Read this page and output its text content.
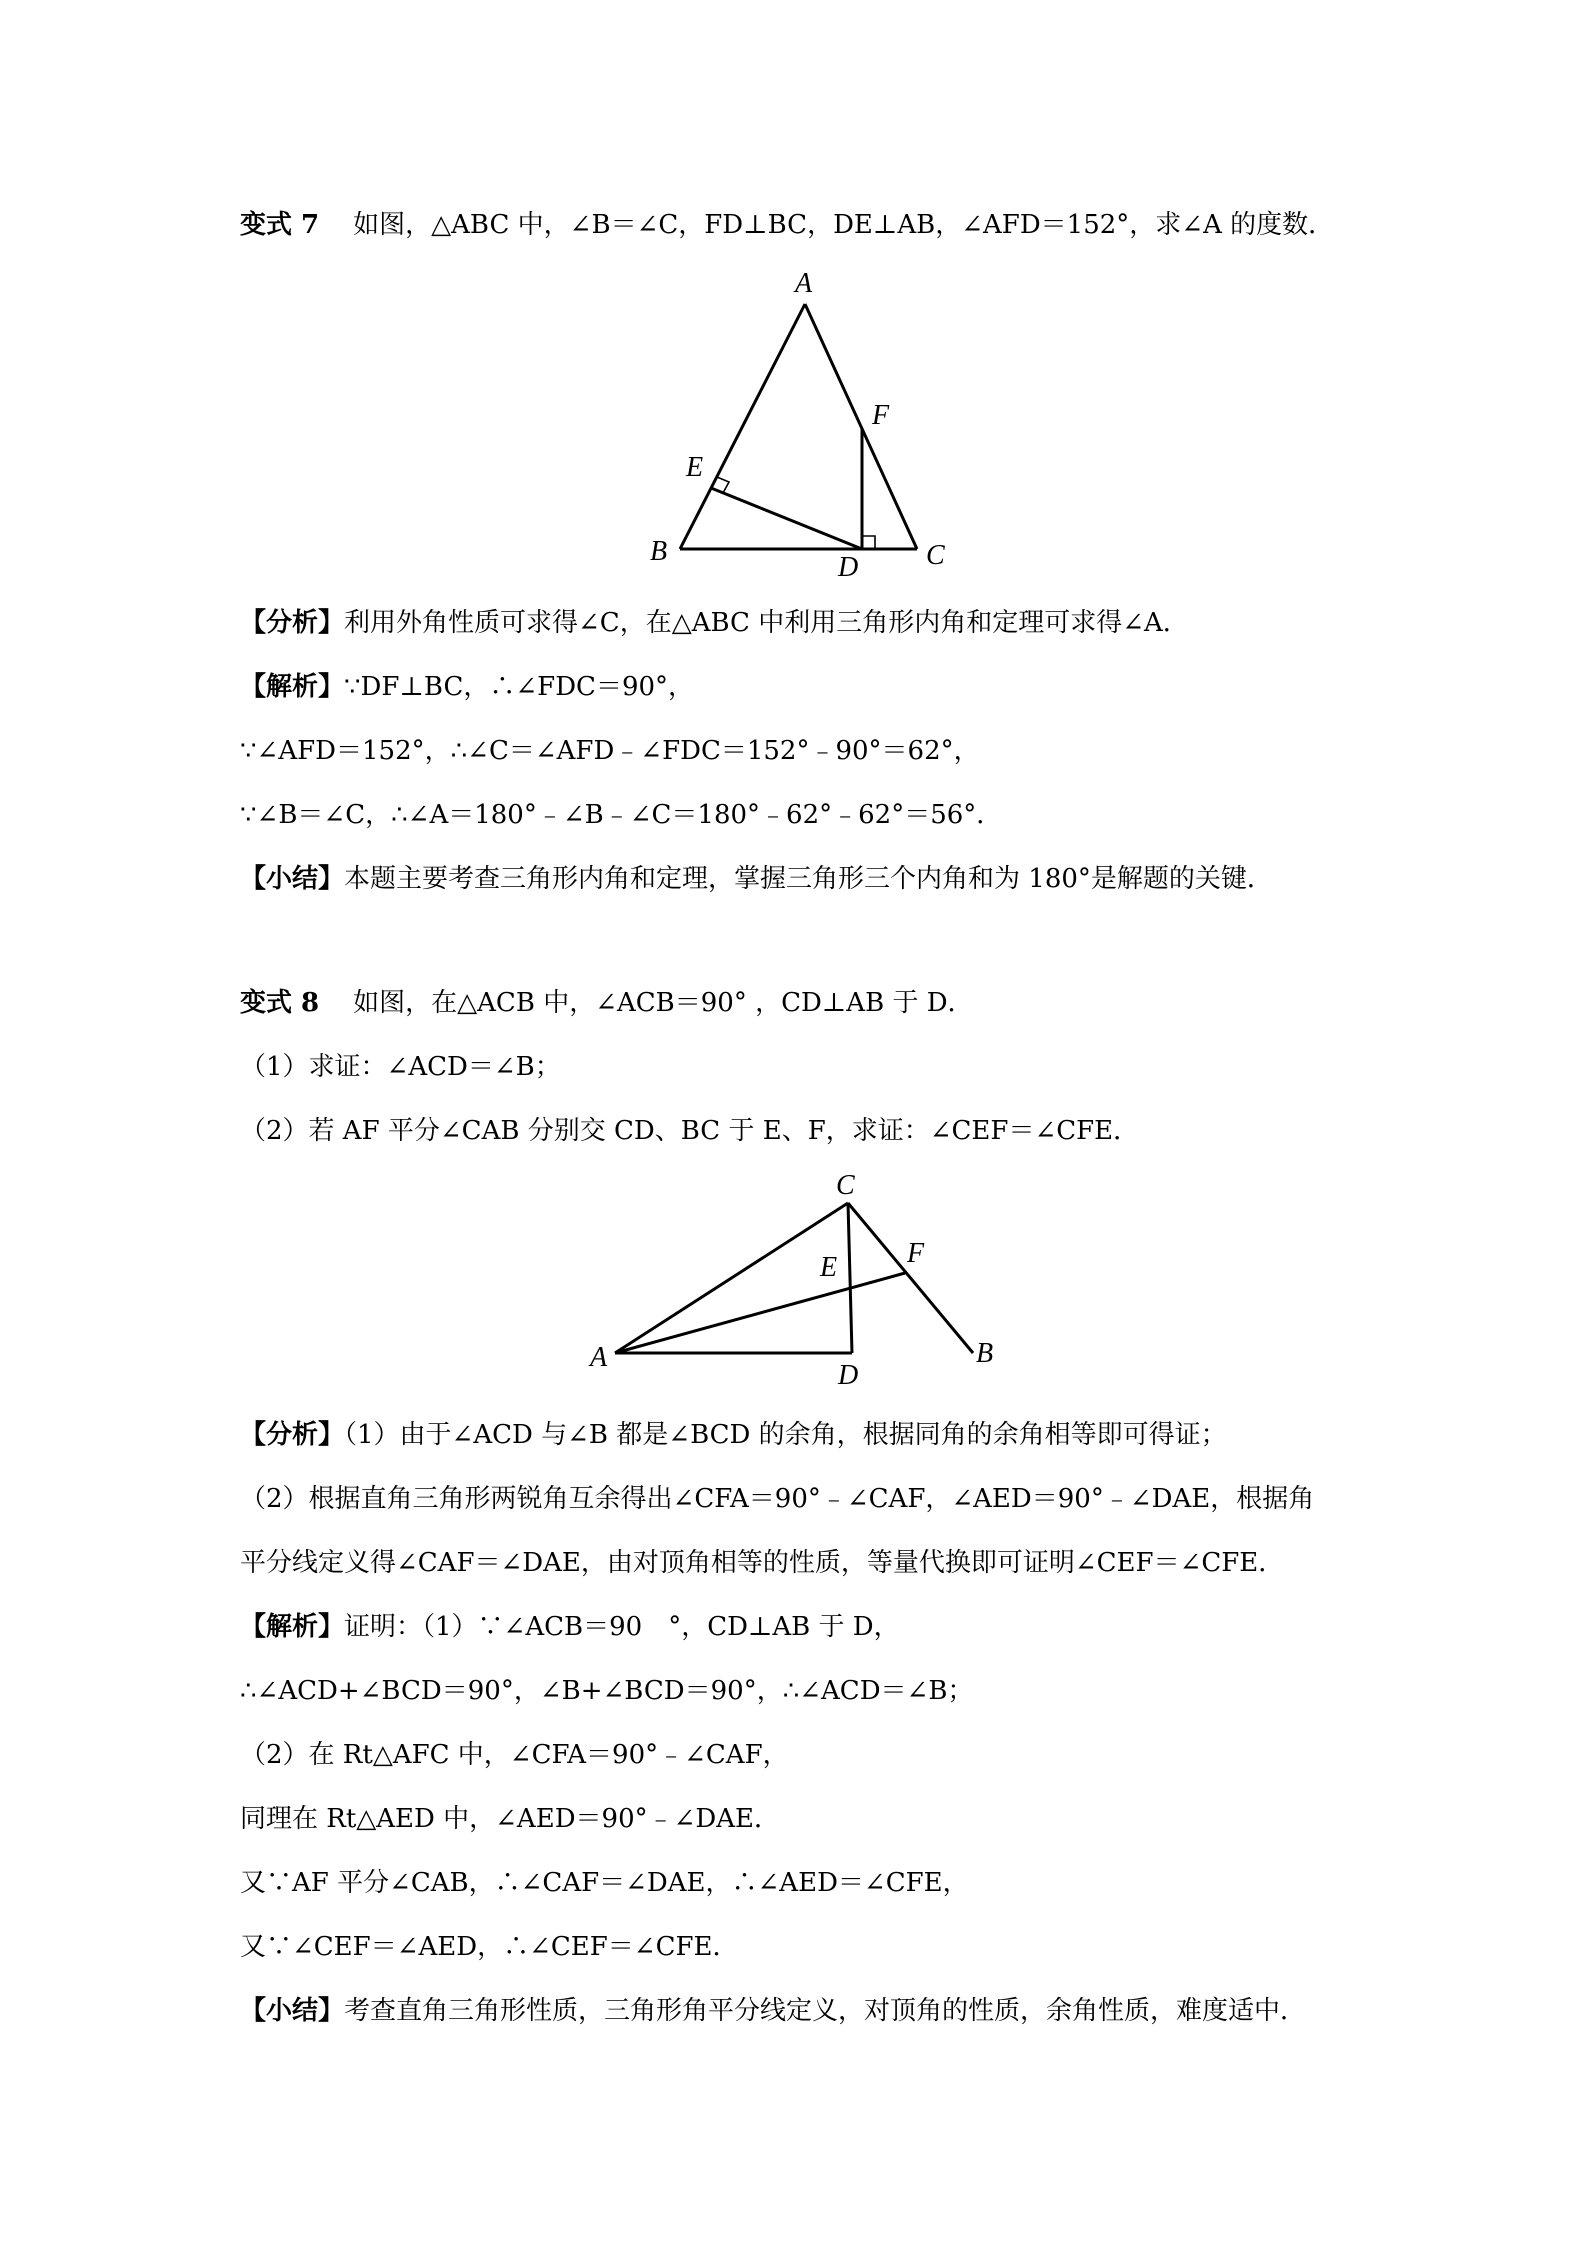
变式 7 如图，△ABC 中，∠B＝∠C，FD⊥BC，DE⊥AB，∠AFD＝152°，求∠A 的度数．
A
B	C
D
E
F
【分析】利用外角性质可求得∠C，在△ABC 中利用三角形内角和定理可求得∠A．
【解析】∵DF⊥BC，∴∠FDC＝90°，
∵∠AFD＝152°，∴∠C＝∠AFD﹣∠FDC＝152°﹣90°＝62°，
∵∠B＝∠C，∴∠A＝180°﹣∠B﹣∠C＝180°﹣62°﹣62°＝56°．
【小结】本题主要考查三角形内角和定理，掌握三角形三个内角和为 180°是解题的关键．
变式 8 如图，在△ACB 中，∠ACB＝90° ，CD⊥AB 于 D．
（1）求证：∠ACD＝∠B；
（2）若 AF 平分∠CAB 分别交 CD、BC 于 E、F，求证：∠CEF＝∠CFE．
C
A	B
D
E F
【分析】（1）由于∠ACD 与∠B 都是∠BCD 的余角，根据同角的余角相等即可得证；
（2）根据直角三角形两锐角互余得出∠CFA＝90°﹣∠CAF，∠AED＝90°﹣∠DAE，根据角
平分线定义得∠CAF＝∠DAE，由对顶角相等的性质，等量代换即可证明∠CEF＝∠CFE．
【解析】证明：（1）∵∠ACB＝90　°，CD⊥AB 于 D，
∴∠ACD+∠BCD＝90°，∠B+∠BCD＝90°，∴∠ACD＝∠B；
（2）在 Rt△AFC 中，∠CFA＝90°﹣∠CAF，
同理在 Rt△AED 中，∠AED＝90°﹣∠DAE．
又∵AF 平分∠CAB，∴∠CAF＝∠DAE，∴∠AED＝∠CFE，
又∵∠CEF＝∠AED，∴∠CEF＝∠CFE．
【小结】考查直角三角形性质，三角形角平分线定义，对顶角的性质，余角性质，难度适中．
